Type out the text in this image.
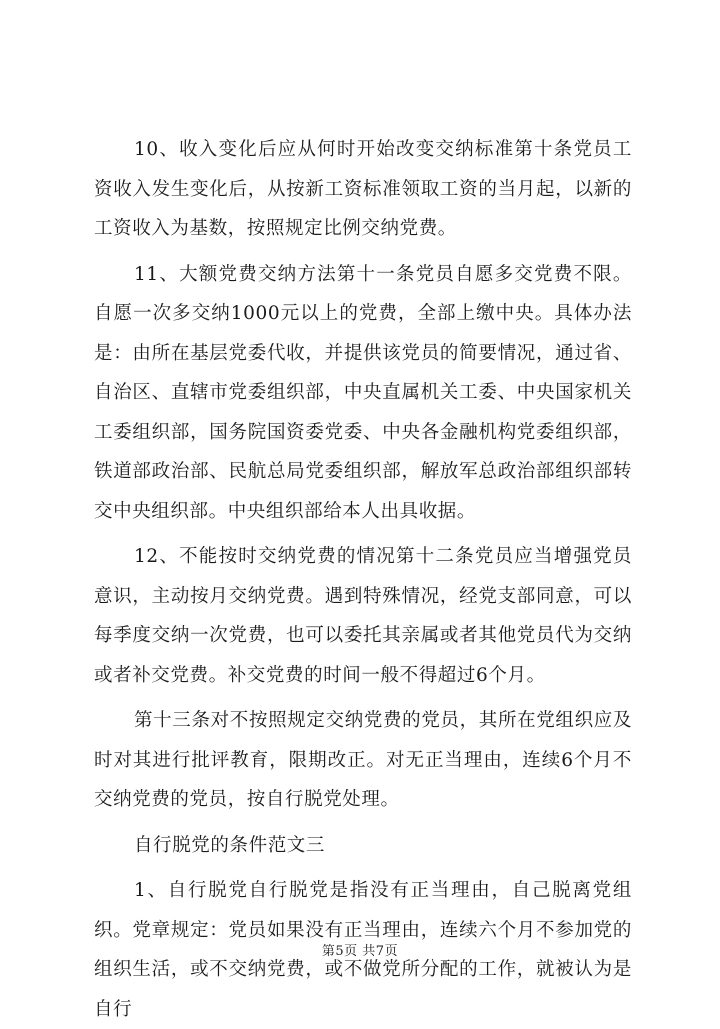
10、收入变化后应从何时开始改变交纳标准第十条党员工资收入发生变化后，从按新工资标准领取工资的当月起，以新的工资收入为基数，按照规定比例交纳党费。

11、大额党费交纳方法第十一条党员自愿多交党费不限。自愿一次多交纳1000元以上的党费，全部上缴中央。具体办法是：由所在基层党委代收，并提供该党员的简要情况，通过省、自治区、直辖市党委组织部，中央直属机关工委、中央国家机关工委组织部，国务院国资委党委、中央各金融机构党委组织部，铁道部政治部、民航总局党委组织部，解放军总政治部组织部转交中央组织部。中央组织部给本人出具收据。

12、不能按时交纳党费的情况第十二条党员应当增强党员意识，主动按月交纳党费。遇到特殊情况，经党支部同意，可以每季度交纳一次党费，也可以委托其亲属或者其他党员代为交纳或者补交党费。补交党费的时间一般不得超过6个月。

第十三条对不按照规定交纳党费的党员，其所在党组织应及时对其进行批评教育，限期改正。对无正当理由，连续6个月不交纳党费的党员，按自行脱党处理。

自行脱党的条件范文三

1、自行脱党自行脱党是指没有正当理由，自己脱离党组织。党章规定：党员如果没有正当理由，连续六个月不参加党的组织生活，或不交纳党费，或不做党所分配的工作，就被认为是自行

第5页 共7页
